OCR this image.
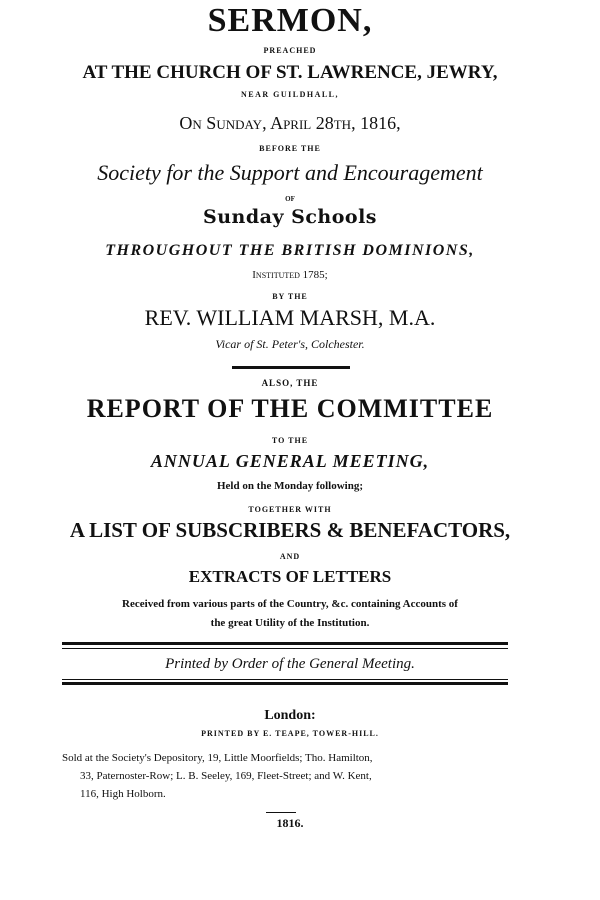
SERMON,
PREACHED
AT THE CHURCH OF ST. LAWRENCE, JEWRY,
NEAR GUILDHALL,
On Sunday, April 28th, 1816,
BEFORE THE
Society for the Support and Encouragement
OF
Sunday Schools
THROUGHOUT THE BRITISH DOMINIONS,
Instituted 1785;
BY THE
REV. WILLIAM MARSH, M.A.
Vicar of St. Peter's, Colchester.
ALSO, THE
REPORT OF THE COMMITTEE
TO THE
ANNUAL GENERAL MEETING,
Held on the Monday following;
TOGETHER WITH
A LIST OF SUBSCRIBERS & BENEFACTORS,
AND
EXTRACTS OF LETTERS
Received from various parts of the Country, &c. containing Accounts of
the great Utility of the Institution.
Printed by Order of the General Meeting.
London:
PRINTED BY E. TEAPE, TOWER-HILL.
Sold at the Society's Depository, 19, Little Moorfields; Tho. Hamilton,
33, Paternoster-Row; L. B. Seeley, 169, Fleet-Street; and W. Kent,
116, High Holborn.
1816.
